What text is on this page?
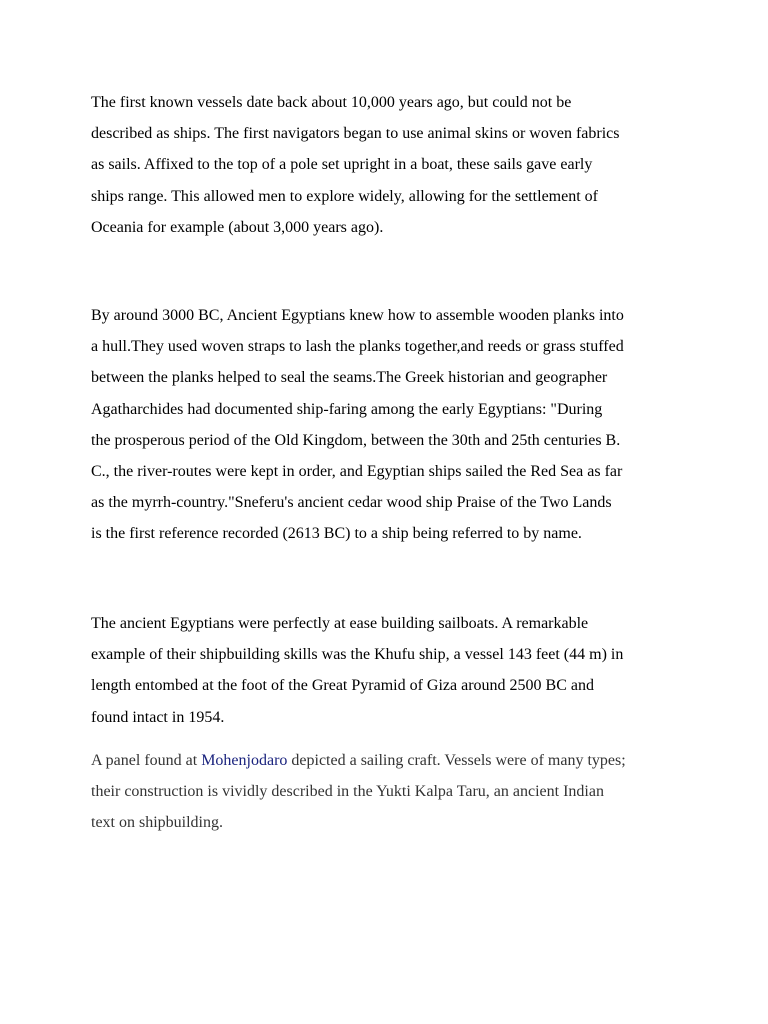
The first known vessels date back about 10,000 years ago, but could not be
described as ships. The first navigators began to use animal skins or woven fabrics
as sails. Affixed to the top of a pole set upright in a boat, these sails gave early
ships range. This allowed men to explore widely, allowing for the settlement of
Oceania for example (about 3,000 years ago).

By around 3000 BC, Ancient Egyptians knew how to assemble wooden planks into
a hull.They used woven straps to lash the planks together,and reeds or grass stuffed
between the planks helped to seal the seams.The Greek historian and geographer
Agatharchides had documented ship-faring among the early Egyptians: "During
the prosperous period of the Old Kingdom, between the 30th and 25th centuries B.
C., the river-routes were kept in order, and Egyptian ships sailed the Red Sea as far
as the myrrh-country."Sneferu's ancient cedar wood ship Praise of the Two Lands
is the first reference recorded (2613 BC) to a ship being referred to by name.

The ancient Egyptians were perfectly at ease building sailboats. A remarkable
example of their shipbuilding skills was the Khufu ship, a vessel 143 feet (44 m) in
length entombed at the foot of the Great Pyramid of Giza around 2500 BC and
found intact in 1954.

A panel found at Mohenjodaro depicted a sailing craft. Vessels were of many types;
their construction is vividly described in the Yukti Kalpa Taru, an ancient Indian
text on shipbuilding.
